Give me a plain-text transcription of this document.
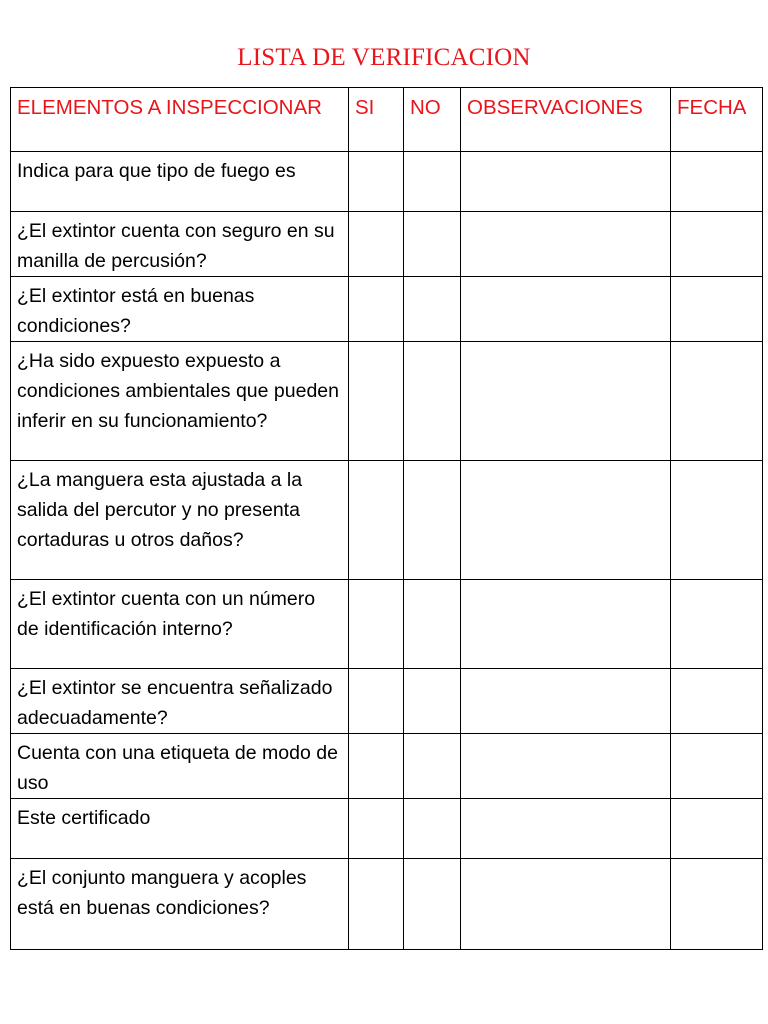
LISTA DE VERIFICACION
ELEMENTOS A INSPECCIONAR	SI	NO	OBSERVACIONES	FECHA
Indica para que tipo de fuego es				
¿El extintor cuenta con seguro en su manilla de percusión?				
¿El extintor está en buenas condiciones?				
¿Ha sido expuesto expuesto a condiciones ambientales que pueden inferir en su funcionamiento?				
¿La manguera esta ajustada a la salida del percutor y no presenta cortaduras u otros daños?				
¿El extintor cuenta con un número de identificación interno?				
¿El extintor se encuentra señalizado adecuadamente?				
Cuenta con una etiqueta de modo de uso				
Este certificado				
¿El conjunto manguera y acoples está en buenas condiciones?				
